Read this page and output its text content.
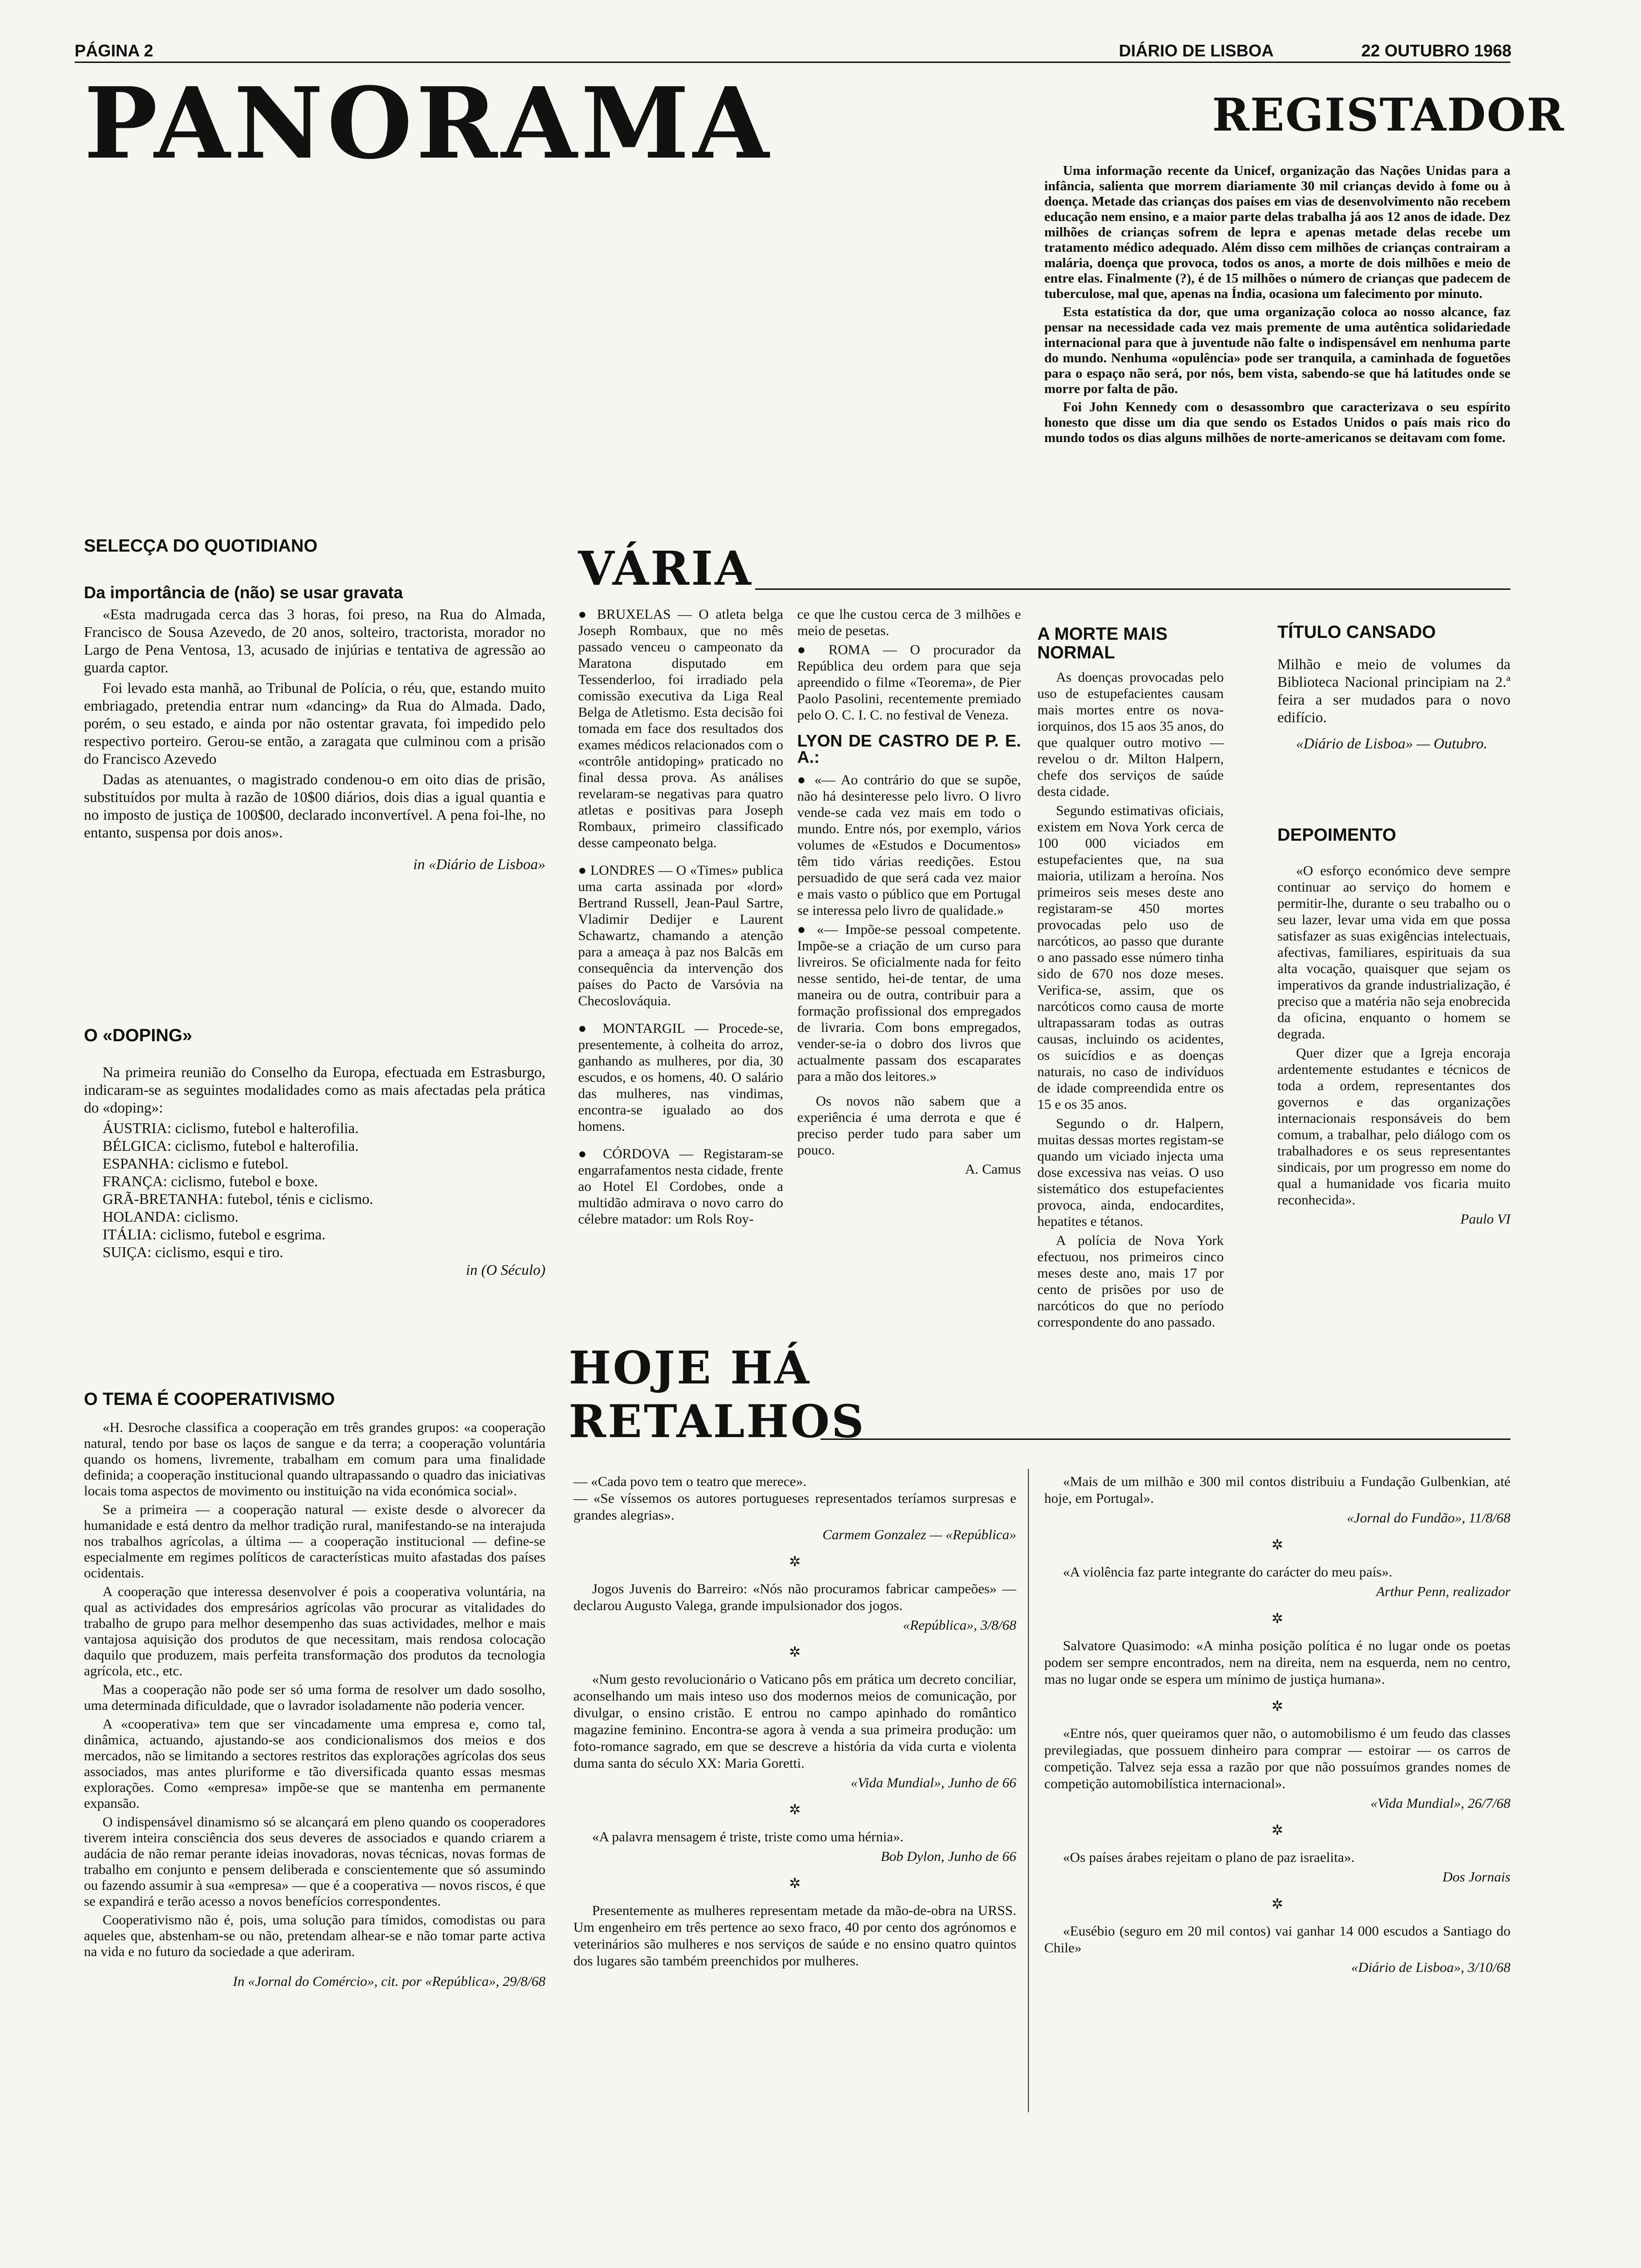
PÁGINA 2	DIÁRIO DE LISBOA	22 OUTUBRO 1968
PANORAMA	REGISTADOR

Uma informação recente da Unicef, organização das Nações Unidas para a infância, salienta que morrem diariamente 30 mil crianças devido à fome ou à doença. Metade das crianças dos países em vias de desenvolvimento não recebem educação nem ensino, e a maior parte delas trabalha já aos 12 anos de idade. Dez milhões de crianças sofrem de lepra e apenas metade delas recebe um tratamento médico adequado. Além disso cem milhões de crianças contrairam a malária, doença que provoca, todos os anos, a morte de dois milhões e meio de entre elas. Finalmente (?), é de 15 milhões o número de crianças que padecem de tuberculose, mal que, apenas na Índia, ocasiona um falecimento por minuto.

Esta estatística da dor, que uma organização coloca ao nosso alcance, faz pensar na necessidade cada vez mais premente de uma autêntica solidariedade internacional para que à juventude não falte o indispensável em nenhuma parte do mundo. Nenhuma «opulência» pode ser tranquila, a caminhada de foguetões para o espaço não será, por nós, bem vista, sabendo-se que há latitudes onde se morre por falta de pão.

Foi John Kennedy com o desassombro que caracterizava o seu espírito honesto que disse um dia que sendo os Estados Unidos o país mais rico do mundo todos os dias alguns milhões de norte-americanos se deitavam com fome.

SELECÇA DO QUOTIDIANO
Da importância de (não) se usar gravata

«Esta madrugada cerca das 3 horas, foi preso, na Rua do Almada, Francisco de Sousa Azevedo, de 20 anos, solteiro, tractorista, morador no Largo de Pena Ventosa, 13, acusado de injúrias e tentativa de agressão ao guarda captor.

Foi levado esta manhã, ao Tribunal de Polícia, o réu, que, estando muito embriagado, pretendia entrar num «dancing» da Rua do Almada. Dado, porém, o seu estado, e ainda por não ostentar gravata, foi impedido pelo respectivo porteiro. Gerou-se então, a zaragata que culminou com a prisão do Francisco Azevedo

Dadas as atenuantes, o magistrado condenou-o em oito dias de prisão, substituídos por multa à razão de 10$00 diários, dois dias a igual quantia e no imposto de justiça de 100$00, declarado inconvertível. A pena foi-lhe, no entanto, suspensa por dois anos».

in «Diário de Lisboa»

O «DOPING»

Na primeira reunião do Conselho da Europa, efectuada em Estrasburgo, indicaram-se as seguintes modalidades como as mais afectadas pela prática do «doping»:

ÁUSTRIA: ciclismo, futebol e halterofilia.
BÉLGICA: ciclismo, futebol e halterofilia.
ESPANHA: ciclismo e futebol.
FRANÇA: ciclismo, futebol e boxe.
GRÃ-BRETANHA: futebol, ténis e ciclismo.
HOLANDA: ciclismo.
ITÁLIA: ciclismo, futebol e esgrima.
SUIÇA: ciclismo, esqui e tiro.

in (O Século)

VÁRIA

● BRUXELAS — O atleta belga Joseph Rombaux, que no mês passado venceu o campeonato da Maratona disputado em Tessenderloo, foi irradiado pela comissão executiva da Liga Real Belga de Atletismo. Esta decisão foi tomada em face dos resultados dos exames médicos relacionados com o «contrôle antidoping» praticado no final dessa prova. As análises revelaram-se negativas para quatro atletas e positivas para Joseph Rombaux, primeiro classificado desse campeonato belga.

● LONDRES — O «Times» publica uma carta assinada por «lord» Bertrand Russell, Jean-Paul Sartre, Vladimir Dedijer e Laurent Schawartz, chamando a atenção para a ameaça à paz nos Balcãs em consequência da intervenção dos países do Pacto de Varsóvia na Checoslováquia.

● MONTARGIL — Procede-se, presentemente, à colheita do arroz, ganhando as mulheres, por dia, 30 escudos, e os homens, 40. O salário das mulheres, nas vindimas, encontra-se igualado ao dos homens.

● CÓRDOVA — Registaram-se engarrafamentos nesta cidade, frente ao Hotel El Cordobes, onde a multidão admirava o novo carro do célebre matador: um Rols Roy-

ce que lhe custou cerca de 3 milhões e meio de pesetas.

● ROMA — O procurador da República deu ordem para que seja apreendido o filme «Teorema», de Pier Paolo Pasolini, recentemente premiado pelo O. C. I. C. no festival de Veneza.

LYON DE CASTRO DE P. E. A.:

● «— Ao contrário do que se supõe, não há desinteresse pelo livro. O livro vende-se cada vez mais em todo o mundo. Entre nós, por exemplo, vários volumes de «Estudos e Documentos» têm tido várias reedições. Estou persuadido de que será cada vez maior e mais vasto o público que em Portugal se interessa pelo livro de qualidade.»

● «— Impõe-se pessoal competente. Impõe-se a criação de um curso para livreiros. Se oficialmente nada for feito nesse sentido, hei-de tentar, de uma maneira ou de outra, contribuir para a formação profissional dos empregados de livraria. Com bons empregados, vender-se-ia o dobro dos livros que actualmente passam dos escaparates para a mão dos leitores.»

Os novos não sabem que a experiência é uma derrota e que é preciso perder tudo para saber um pouco.

A. Camus

A MORTE MAIS NORMAL

As doenças provocadas pelo uso de estupefacientes causam mais mortes entre os nova-iorquinos, dos 15 aos 35 anos, do que qualquer outro motivo — revelou o dr. Milton Halpern, chefe dos serviços de saúde desta cidade.

Segundo estimativas oficiais, existem em Nova York cerca de 100 000 viciados em estupefacientes que, na sua maioria, utilizam a heroína. Nos primeiros seis meses deste ano registaram-se 450 mortes provocadas pelo uso de narcóticos, ao passo que durante o ano passado esse número tinha sido de 670 nos doze meses. Verifica-se, assim, que os narcóticos como causa de morte ultrapassaram todas as outras causas, incluindo os acidentes, os suicídios e as doenças naturais, no caso de indivíduos de idade compreendida entre os 15 e os 35 anos.

Segundo o dr. Halpern, muitas dessas mortes registam-se quando um viciado injecta uma dose excessiva nas veias. O uso sistemático dos estupefacientes provoca, ainda, endocardites, hepatites e tétanos.

A polícia de Nova York efectuou, nos primeiros cinco meses deste ano, mais 17 por cento de prisões por uso de narcóticos do que no período correspondente do ano passado.

TÍTULO CANSADO

Milhão e meio de volumes da Biblioteca Nacional principiam na 2.ª feira a ser mudados para o novo edifício.

«Diário de Lisboa» — Outubro.

DEPOIMENTO

«O esforço económico deve sempre continuar ao serviço do homem e permitir-lhe, durante o seu trabalho ou o seu lazer, levar uma vida em que possa satisfazer as suas exigências intelectuais, afectivas, familiares, espirituais da sua alta vocação, quaisquer que sejam os imperativos da grande industrialização, é preciso que a matéria não seja enobrecida da oficina, enquanto o homem se degrada.

Quer dizer que a Igreja encoraja ardentemente estudantes e técnicos de toda a ordem, representantes dos governos e das organizações internacionais responsáveis do bem comum, a trabalhar, pelo diálogo com os trabalhadores e os seus representantes sindicais, por um progresso em nome do qual a humanidade vos ficaria muito reconhecida».

Paulo VI

O TEMA É COOPERATIVISMO

«H. Desroche classifica a cooperação em três grandes grupos: «a cooperação natural, tendo por base os laços de sangue e da terra; a cooperação voluntária quando os homens, livremente, trabalham em comum para uma finalidade definida; a cooperação institucional quando ultrapassando o quadro das iniciativas locais toma aspectos de movimento ou instituição na vida económica social».

Se a primeira — a cooperação natural — existe desde o alvorecer da humanidade e está dentro da melhor tradição rural, manifestando-se na interajuda nos trabalhos agrícolas, a última — a cooperação institucional — define-se especialmente em regimes políticos de características muito afastadas dos países ocidentais.

A cooperação que interessa desenvolver é pois a cooperativa voluntária, na qual as actividades dos empresários agrícolas vão procurar as vitalidades do trabalho de grupo para melhor desempenho das suas actividades, melhor e mais vantajosa aquisição dos produtos de que necessitam, mais rendosa colocação daquilo que produzem, mais perfeita transformação dos produtos da tecnologia agrícola, etc., etc.

Mas a cooperação não pode ser só uma forma de resolver um dado sosolho, uma determinada dificuldade, que o lavrador isoladamente não poderia vencer.

A «cooperativa» tem que ser vincadamente uma empresa e, como tal, dinâmica, actuando, ajustando-se aos condicionalismos dos meios e dos mercados, não se limitando a sectores restritos das explorações agrícolas dos seus associados, mas antes pluriforme e tão diversificada quanto essas mesmas explorações. Como «empresa» impõe-se que se mantenha em permanente expansão.

O indispensável dinamismo só se alcançará em pleno quando os cooperadores tiverem inteira consciência dos seus deveres de associados e quando criarem a audácia de não remar perante ideias inovadoras, novas técnicas, novas formas de trabalho em conjunto e pensem deliberada e conscientemente que só assumindo ou fazendo assumir à sua «empresa» — que é a cooperativa — novos riscos, é que se expandirá e terão acesso a novos benefícios correspondentes.

Cooperativismo não é, pois, uma solução para tímidos, comodistas ou para aqueles que, abstenham-se ou não, pretendam alhear-se e não tomar parte activa na vida e no futuro da sociedade a que aderiram.

In «Jornal do Comércio», cit. por «República», 29/8/68

HOJE HÁ
RETALHOS

— «Cada povo tem o teatro que merece».
— «Se víssemos os autores portugueses representados teríamos surpresas e grandes alegrias».

Carmem Gonzalez — «República»

✲

Jogos Juvenis do Barreiro: «Nós não procuramos fabricar campeões» — declarou Augusto Valega, grande impulsionador dos jogos.

«República», 3/8/68

✲

«Num gesto revolucionário o Vaticano pôs em prática um decreto conciliar, aconselhando um mais inteso uso dos modernos meios de comunicação, por divulgar, o ensino cristão. E entrou no campo apinhado do romântico magazine feminino. Encontra-se agora à venda a sua primeira produção: um foto-romance sagrado, em que se descreve a história da vida curta e violenta duma santa do século XX: Maria Goretti.

«Vida Mundial», Junho de 66

✲

«A palavra mensagem é triste, triste como uma hérnia».

Bob Dylon, Junho de 66

✲

Presentemente as mulheres representam metade da mão-de-obra na URSS. Um engenheiro em três pertence ao sexo fraco, 40 por cento dos agrónomos e veterinários são mulheres e nos serviços de saúde e no ensino quatro quintos dos lugares são também preenchidos por mulheres.

«Mais de um milhão e 300 mil contos distribuiu a Fundação Gulbenkian, até hoje, em Portugal».

«Jornal do Fundão», 11/8/68

✲

«A violência faz parte integrante do carácter do meu país».

Arthur Penn, realizador

✲

Salvatore Quasimodo: «A minha posição política é no lugar onde os poetas podem ser sempre encontrados, nem na direita, nem na esquerda, nem no centro, mas no lugar onde se espera um mínimo de justiça humana».

✲

«Entre nós, quer queiramos quer não, o automobilismo é um feudo das classes previlegiadas, que possuem dinheiro para comprar — estoirar — os carros de competição. Talvez seja essa a razão por que não possuímos grandes nomes de competição automobilística internacional».

«Vida Mundial», 26/7/68

✲

«Os países árabes rejeitam o plano de paz israelita».

Dos Jornais

✲

«Eusébio (seguro em 20 mil contos) vai ganhar 14 000 escudos a Santiago do Chile»

«Diário de Lisboa», 3/10/68
